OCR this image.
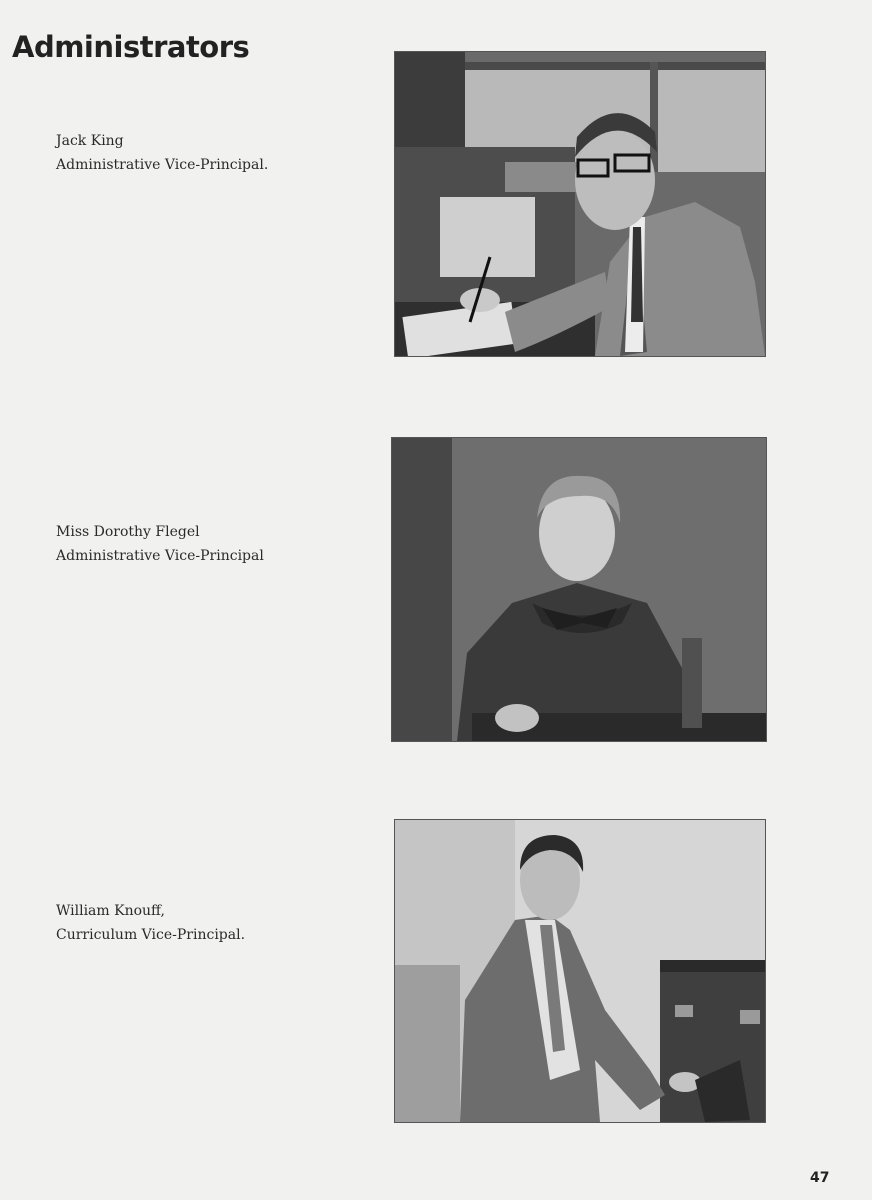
Administrators
Jack King
Administrative Vice-Principal.
Miss Dorothy Flegel
Administrative Vice-Principal
William Knouff,
Curriculum Vice-Principal.
47
